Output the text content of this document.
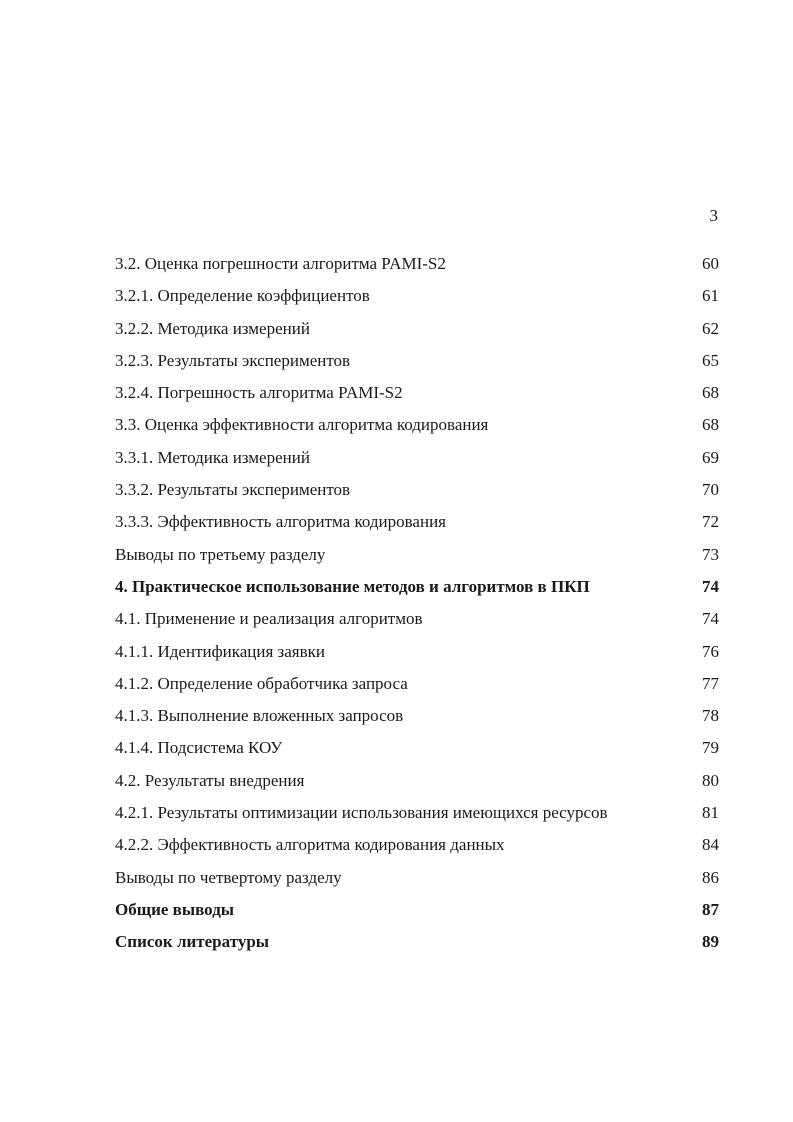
3
3.2. Оценка погрешности алгоритма PAMI-S2	60
3.2.1. Определение коэффициентов	61
3.2.2. Методика измерений	62
3.2.3. Результаты экспериментов	65
3.2.4. Погрешность алгоритма PAMI-S2	68
3.3. Оценка эффективности алгоритма кодирования	68
3.3.1. Методика измерений	69
3.3.2. Результаты экспериментов	70
3.3.3. Эффективность алгоритма кодирования	72
Выводы по третьему разделу	73
4. Практическое использование методов и алгоритмов в ПКП	74
4.1. Применение и реализация алгоритмов	74
4.1.1. Идентификация заявки	76
4.1.2. Определение обработчика запроса	77
4.1.3. Выполнение вложенных запросов	78
4.1.4. Подсистема КОУ	79
4.2. Результаты внедрения	80
4.2.1. Результаты оптимизации использования имеющихся ресурсов	81
4.2.2. Эффективность алгоритма кодирования данных	84
Выводы по четвертому разделу	86
Общие выводы	87
Список литературы	89
